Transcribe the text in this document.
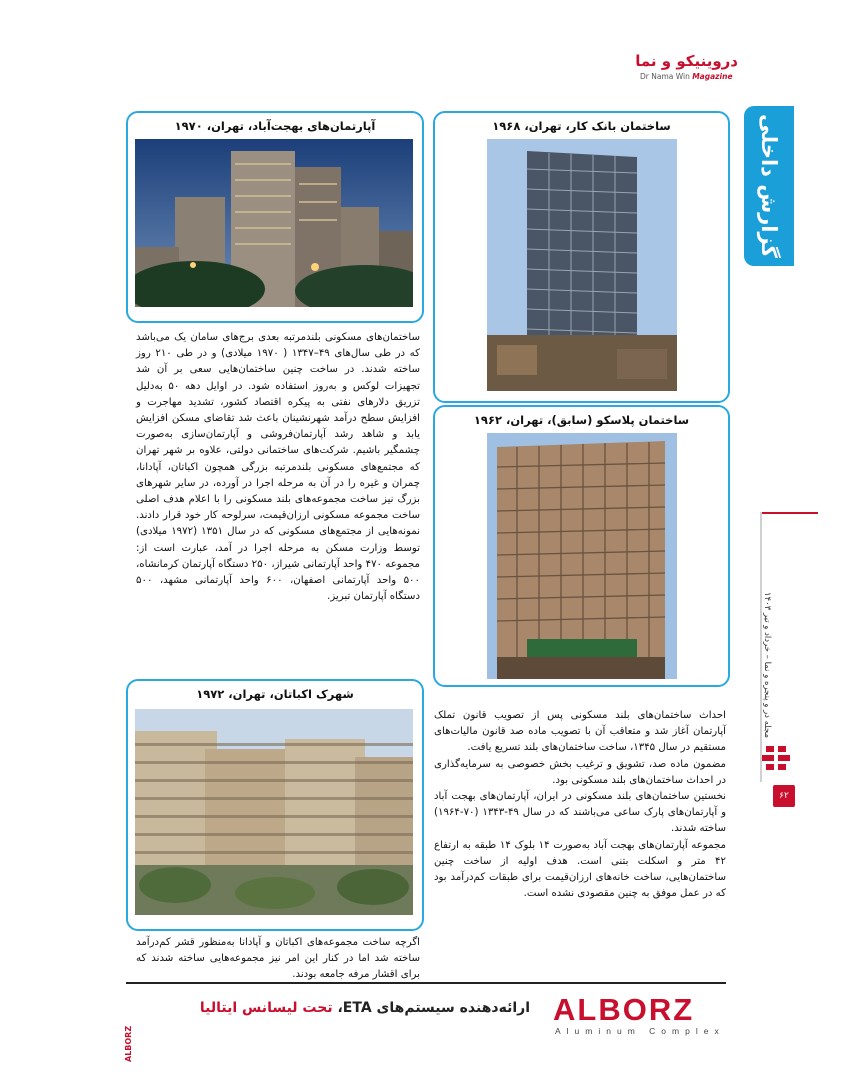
دروینیکو و نما
Dr Nama Win Magazine
گزارش داخلی
آپارتمان‌های بهجت‌آباد، تهران، ۱۹۷۰	ساختمان بانک کار، تهران، ۱۹۶۸
ساختمان پلاسکو (سابق)، تهران، ۱۹۶۲
شهرک اکباتان، تهران، ۱۹۷۲

ساختمان‌های مسکونی بلندمرتبه بعدی برج‌های سامان یک می‌باشد که در طی سال‌های ۴۹–۱۳۴۷ ( ۱۹۷۰ میلادی) و در طی ۲۱۰ روز ساخته شدند. در ساخت چنین ساختمان‌هایی سعی بر آن شد تجهیزات لوکس و به‌روز استفاده شود. در اوایل دهه ۵۰ به‌دلیل تزریق دلارهای نفتی به پیکره اقتصاد کشور، تشدید مهاجرت و افزایش سطح درآمد شهرنشینان باعث شد تقاضای مسکن افزایش یابد و شاهد رشد آپارتمان‌فروشی و آپارتمان‌سازی به‌صورت چشمگیر باشیم. شرکت‌های ساختمانی دولتی، علاوه بر شهر تهران که مجتمع‌های مسکونی بلندمرتبه بزرگی همچون اکباتان، آپادانا، چمران و غیره را در آن به مرحله اجرا در آورده، در سایر شهرهای بزرگ نیز ساخت مجموعه‌های بلند مسکونی را با اعلام هدف اصلی ساخت مجموعه مسکونی ارزان‌قیمت، سرلوحه کار خود قرار دادند. نمونه‌هایی از مجتمع‌های مسکونی که در سال ۱۳۵۱ (۱۹۷۲ میلادی) توسط وزارت مسکن به مرحله اجرا در آمد، عبارت است از: مجموعه ۴۷۰ واحد آپارتمانی شیراز، ۲۵۰ دستگاه آپارتمان کرمانشاه، ۵۰۰ واحد آپارتمانی اصفهان، ۶۰۰ واحد آپارتمانی مشهد، ۵۰۰ دستگاه آپارتمان تبریز.

اگرچه ساخت مجموعه‌های اکباتان و آپادانا به‌منظور قشر کم‌درآمد ساخته شد اما در کنار این امر نیز مجموعه‌هایی ساخته شدند که برای اقشار مرفه جامعه بودند.

احداث ساختمان‌های بلند مسکونی پس از تصویب قانون تملک آپارتمان آغاز شد و متعاقب آن با تصویب ماده صد قانون مالیات‌های مستقیم در سال ۱۳۴۵، ساخت ساختمان‌های بلند تسریع یافت.

مضمون ماده صد، تشویق و ترغیب بخش خصوصی به سرمایه‌گذاری در احداث ساختمان‌های بلند مسکونی بود.

نخستین ساختمان‌های بلند مسکونی در ایران، آپارتمان‌های بهجت آباد و آپارتمان‌های پارک ساعی می‌باشند که در سال ۴۹-۱۳۴۳ (۷۰-۱۹۶۴) ساخته شدند.

مجموعه آپارتمان‌های بهجت آباد به‌صورت ۱۴ بلوک ۱۴ طبقه به ارتفاع ۴۲ متر و اسکلت بتنی است. هدف اولیه از ساخت چنین ساختمان‌هایی، ساخت خانه‌های ارزان‌قیمت برای طبقات کم‌درآمد بود که در عمل موفق به چنین مقصودی نشده است.

مجله در و پنجره و نما – خرداد و تیر ۱۴۰۳
۶۲
ALBORZ
ارائه‌دهنده سیستم‌های ETA، تحت لیسانس ایتالیا	ALBORZ
Aluminum Complex
